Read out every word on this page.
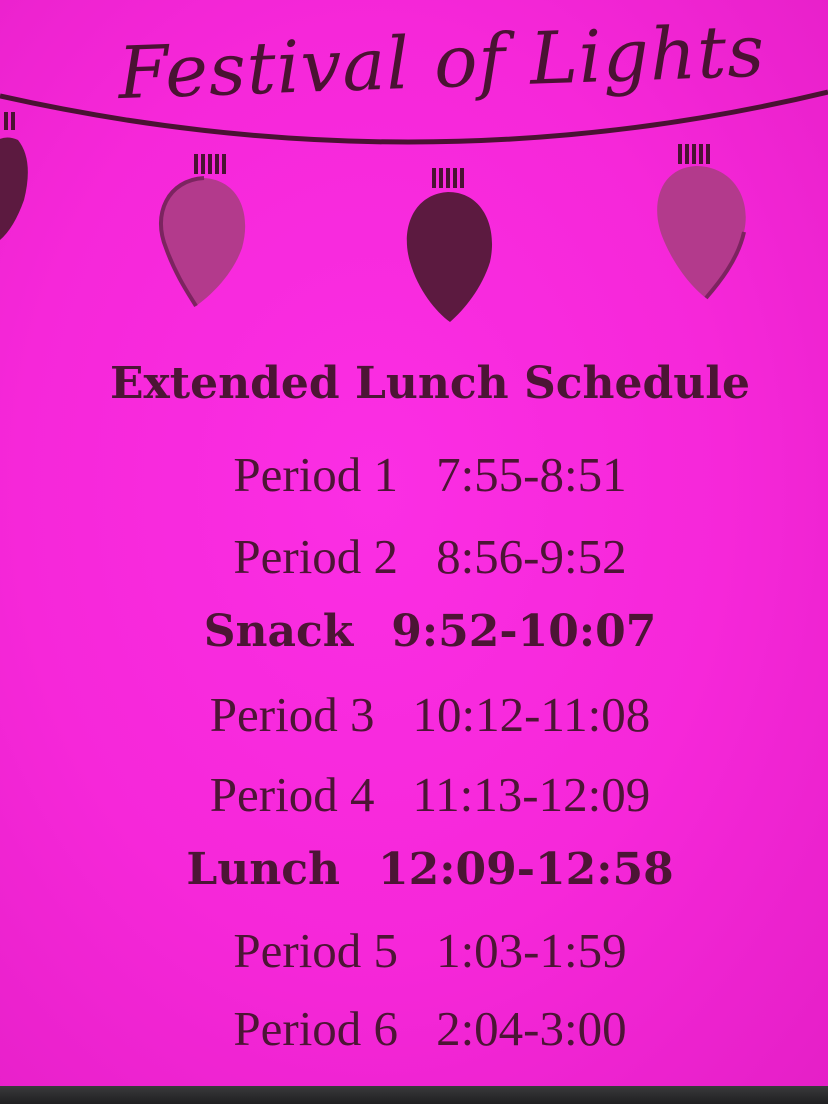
Festival of Lights
Extended Lunch Schedule
Period 1 7:55-8:51
Period 2 8:56-9:52
Snack 9:52-10:07
Period 3 10:12-11:08
Period 4 11:13-12:09
Lunch 12:09-12:58
Period 5 1:03-1:59
Period 6 2:04-3:00
